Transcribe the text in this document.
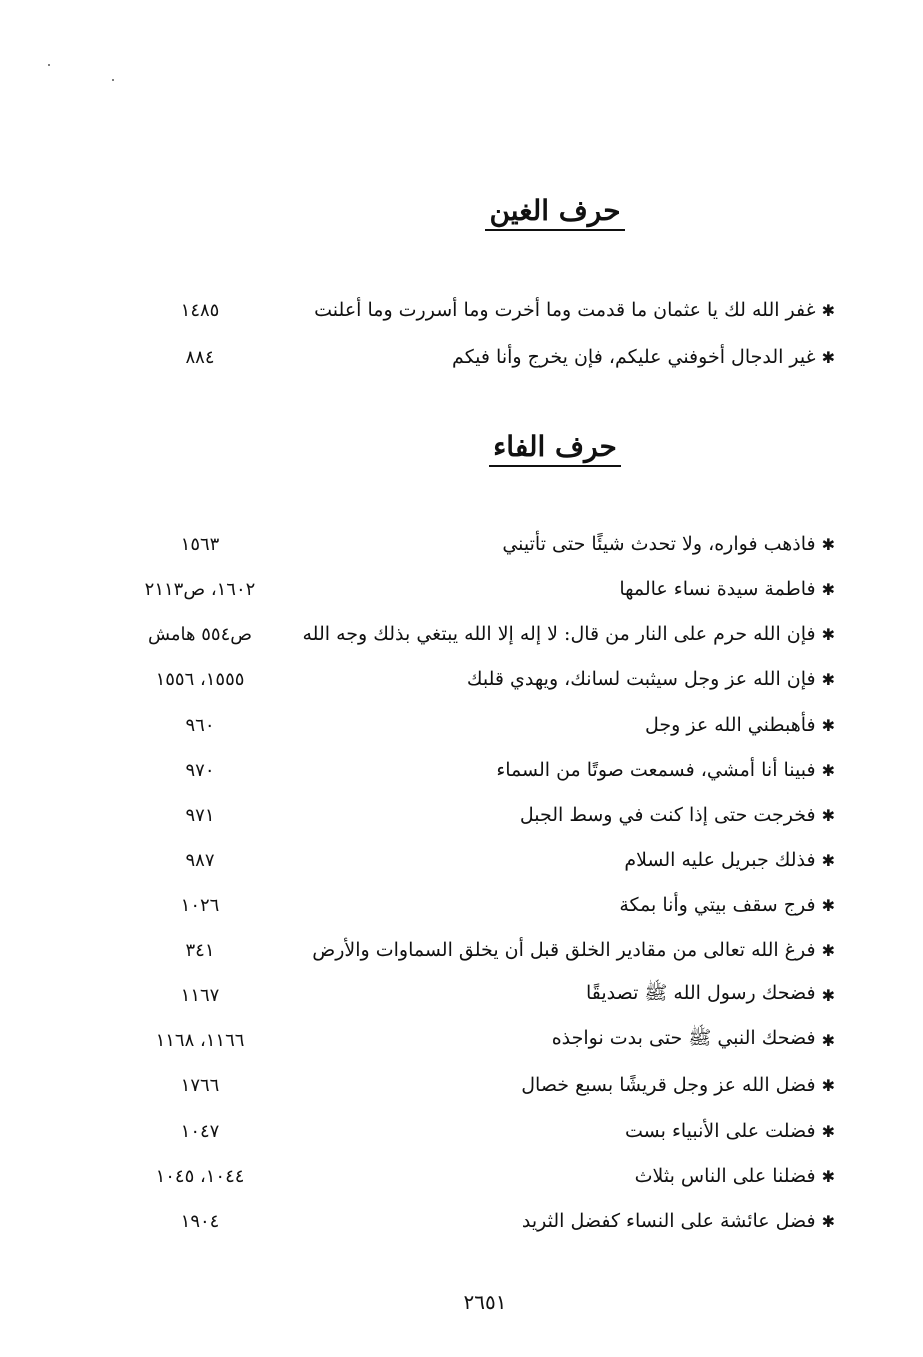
حرف الغين
✱
غفر الله لك يا عثمان ما قدمت وما أخرت وما أسررت وما أعلنت
١٤٨٥
✱
غير الدجال أخوفني عليكم، فإن يخرج وأنا فيكم
٨٨٤
حرف الفاء
✱
فاذهب فواره، ولا تحدث شيئًا حتى تأتيني
١٥٦٣
✱
فاطمة سيدة نساء عالمها
١٦٠٢، ص٢١١٣
✱
فإن الله حرم على النار من قال: لا إله إلا الله يبتغي بذلك وجه الله
ص٥٥٤ هامش
✱
فإن الله عز وجل سيثبت لسانك، ويهدي قلبك
١٥٥٥، ١٥٥٦
✱
فأهبطني الله عز وجل
٩٦٠
✱
فبينا أنا أمشي، فسمعت صوتًا من السماء
٩٧٠
✱
فخرجت حتى إذا كنت في وسط الجبل
٩٧١
✱
فذلك جبريل عليه السلام
٩٨٧
✱
فرج سقف بيتي وأنا بمكة
١٠٢٦
✱
فرغ الله تعالى من مقادير الخلق قبل أن يخلق السماوات والأرض
٣٤١
✱
فضحك رسول الله ﷺ تصديقًا
١١٦٧
✱
فضحك النبي ﷺ حتى بدت نواجذه
١١٦٦، ١١٦٨
✱
فضل الله عز وجل قريشًا بسبع خصال
١٧٦٦
✱
فضلت على الأنبياء بست
١٠٤٧
✱
فضلنا على الناس بثلاث
١٠٤٤، ١٠٤٥
✱
فضل عائشة على النساء كفضل الثريد
١٩٠٤
٢٦٥١
